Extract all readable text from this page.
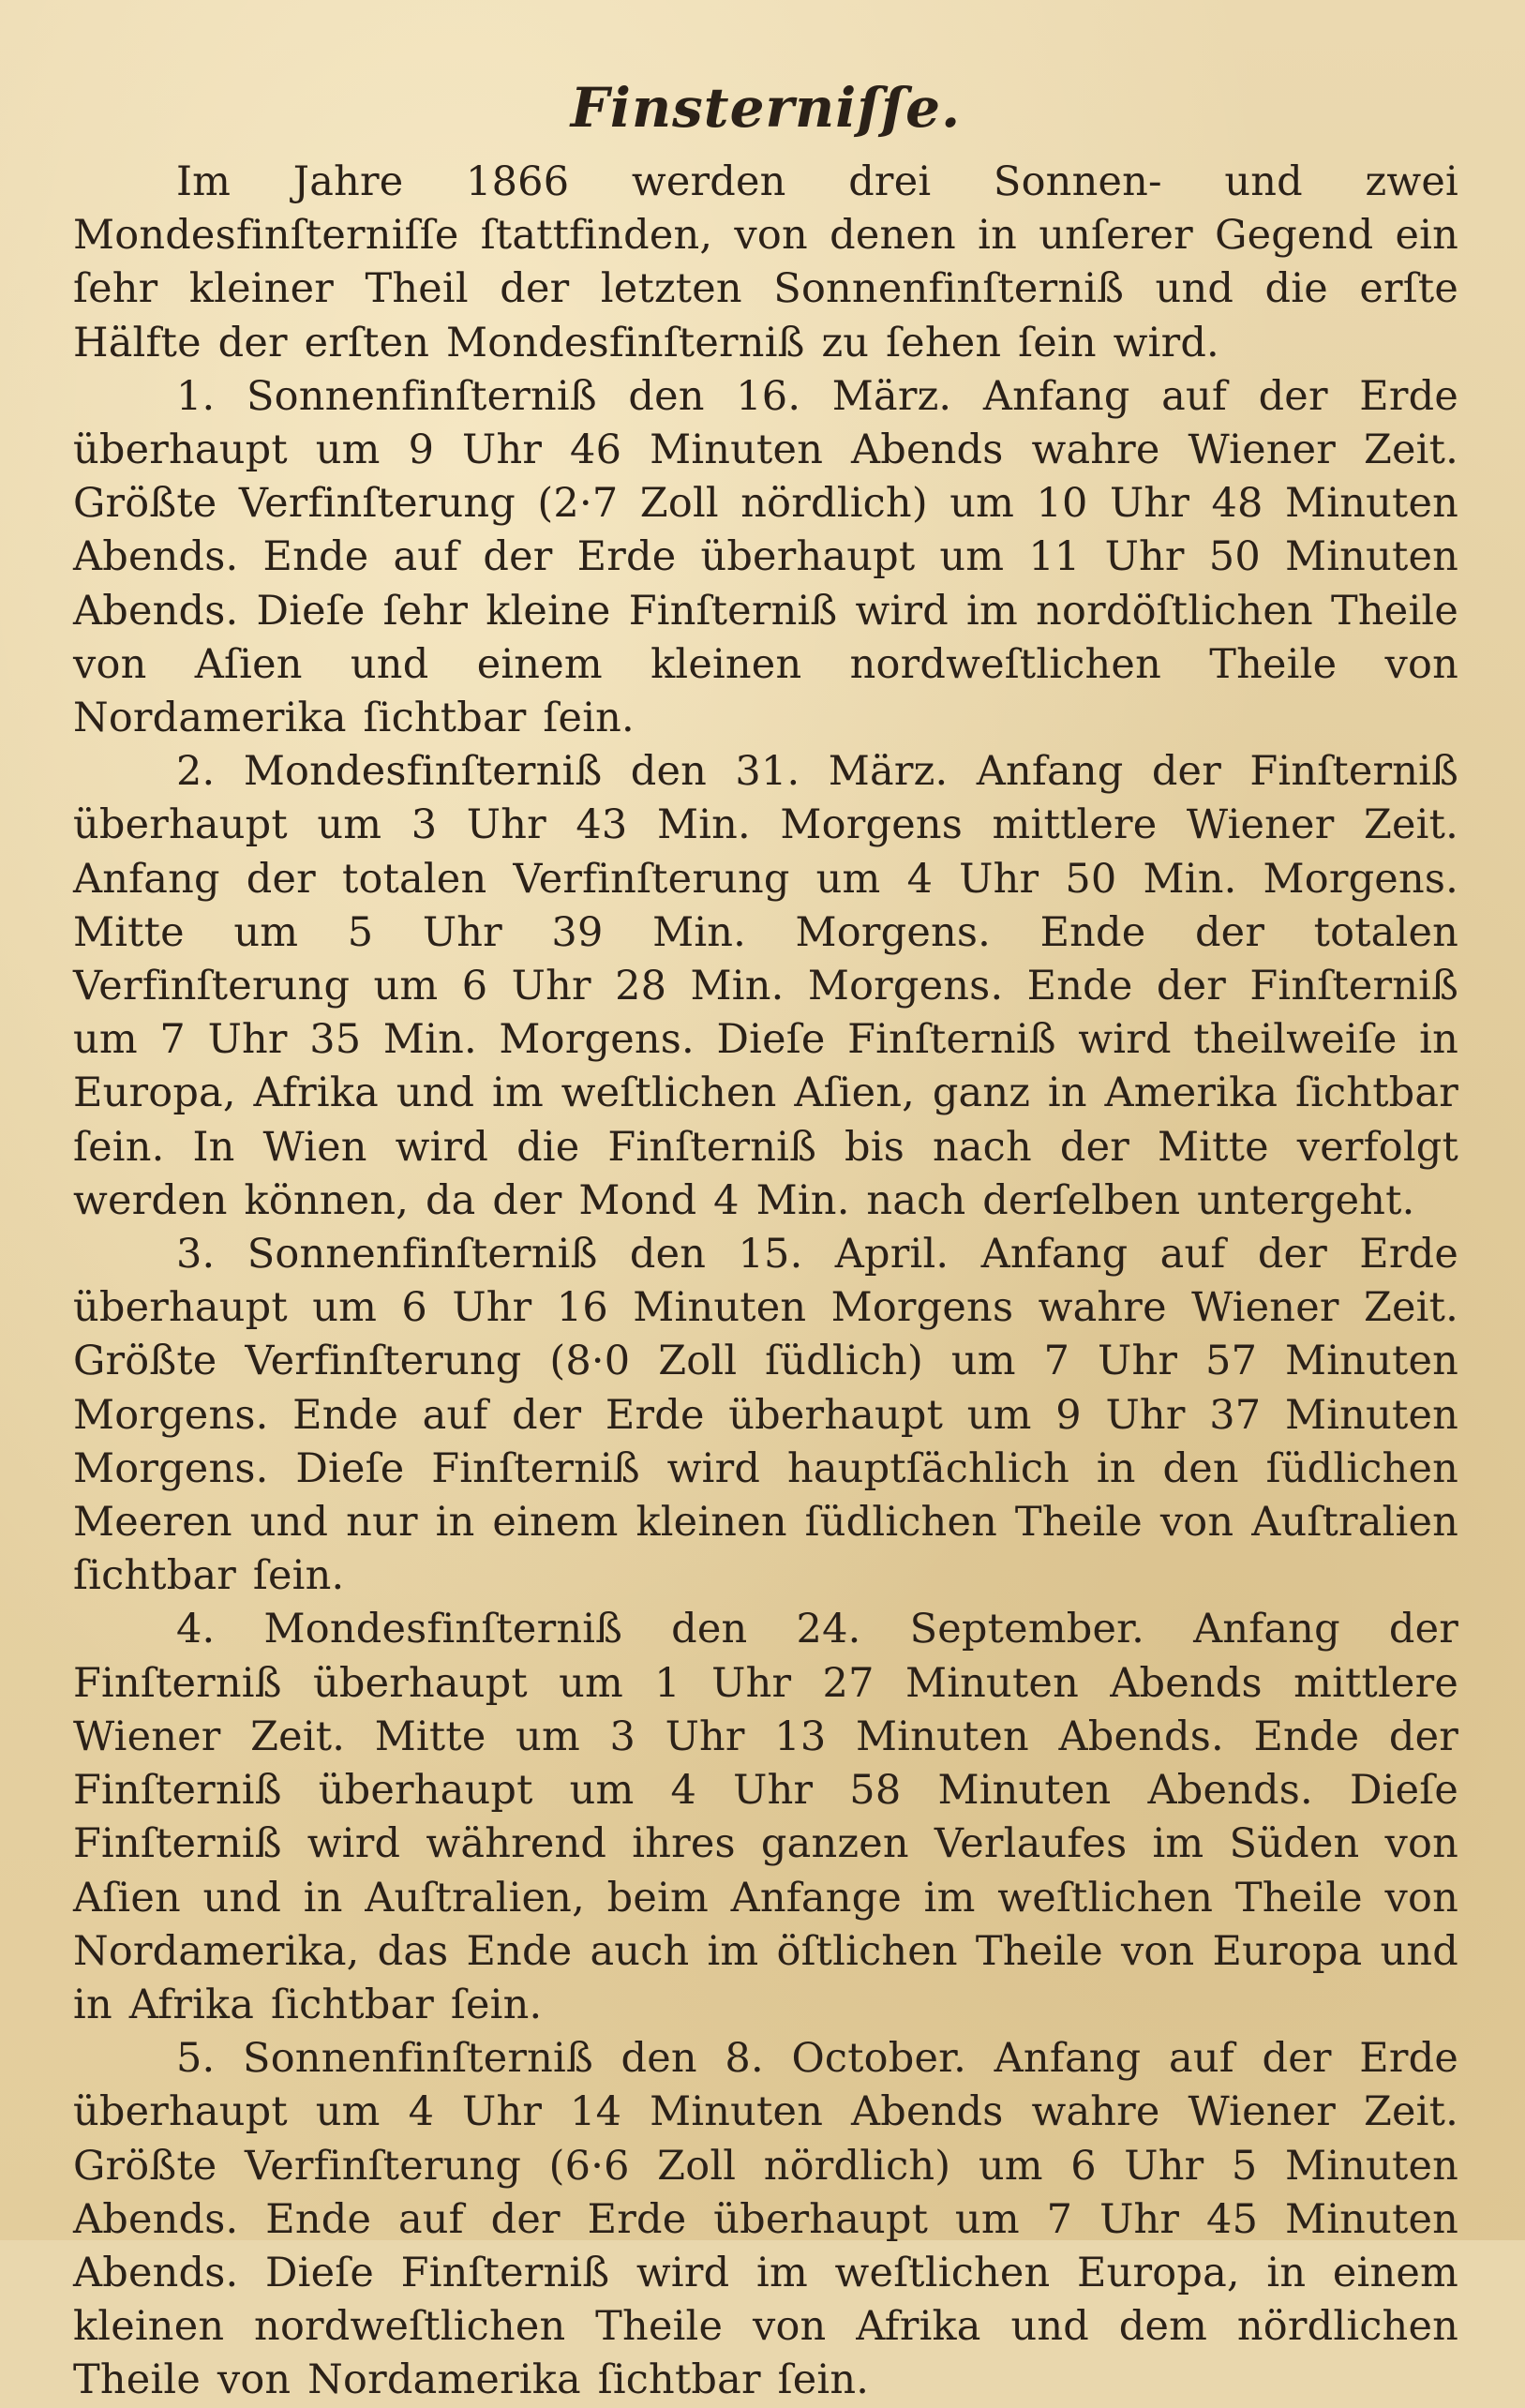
Finsterniſſe.

Im Jahre 1866 werden drei Sonnen- und zwei Mondesfinſterniſſe ſtattfinden, von denen in unſerer Gegend ein ſehr kleiner Theil der letzten Sonnenfinſterniß und die erſte Hälfte der erſten Mondesfinſterniß zu ſehen ſein wird.

1. Sonnenfinſterniß den 16. März. Anfang auf der Erde überhaupt um 9 Uhr 46 Minuten Abends wahre Wiener Zeit. Größte Verfinſterung (2·7 Zoll nördlich) um 10 Uhr 48 Minuten Abends. Ende auf der Erde überhaupt um 11 Uhr 50 Minuten Abends. Dieſe ſehr kleine Finſterniß wird im nordöſtlichen Theile von Aſien und einem kleinen nordweſtlichen Theile von Nordamerika ſichtbar ſein.

2. Mondesfinſterniß den 31. März. Anfang der Finſterniß überhaupt um 3 Uhr 43 Min. Morgens mittlere Wiener Zeit. Anfang der totalen Verfinſterung um 4 Uhr 50 Min. Morgens. Mitte um 5 Uhr 39 Min. Morgens. Ende der totalen Verfinſterung um 6 Uhr 28 Min. Morgens. Ende der Finſterniß um 7 Uhr 35 Min. Morgens. Dieſe Finſterniß wird theilweiſe in Europa, Afrika und im weſtlichen Aſien, ganz in Amerika ſichtbar ſein. In Wien wird die Finſterniß bis nach der Mitte verfolgt werden können, da der Mond 4 Min. nach derſelben untergeht.

3. Sonnenfinſterniß den 15. April. Anfang auf der Erde überhaupt um 6 Uhr 16 Minuten Morgens wahre Wiener Zeit. Größte Verfinſterung (8·0 Zoll ſüdlich) um 7 Uhr 57 Minuten Morgens. Ende auf der Erde überhaupt um 9 Uhr 37 Minuten Morgens. Dieſe Finſterniß wird hauptſächlich in den ſüdlichen Meeren und nur in einem kleinen ſüdlichen Theile von Auſtralien ſichtbar ſein.

4. Mondesfinſterniß den 24. September. Anfang der Finſterniß überhaupt um 1 Uhr 27 Minuten Abends mittlere Wiener Zeit. Mitte um 3 Uhr 13 Minuten Abends. Ende der Finſterniß überhaupt um 4 Uhr 58 Minuten Abends. Dieſe Finſterniß wird während ihres ganzen Verlaufes im Süden von Aſien und in Auſtralien, beim Anfange im weſtlichen Theile von Nordamerika, das Ende auch im öſtlichen Theile von Europa und in Afrika ſichtbar ſein.

5. Sonnenfinſterniß den 8. October. Anfang auf der Erde überhaupt um 4 Uhr 14 Minuten Abends wahre Wiener Zeit. Größte Verfinſterung (6·6 Zoll nördlich) um 6 Uhr 5 Minuten Abends. Ende auf der Erde überhaupt um 7 Uhr 45 Minuten Abends. Dieſe Finſterniß wird im weſtlichen Europa, in einem kleinen nordweſtlichen Theile von Afrika und dem nördlichen Theile von Nordamerika ſichtbar ſein.
